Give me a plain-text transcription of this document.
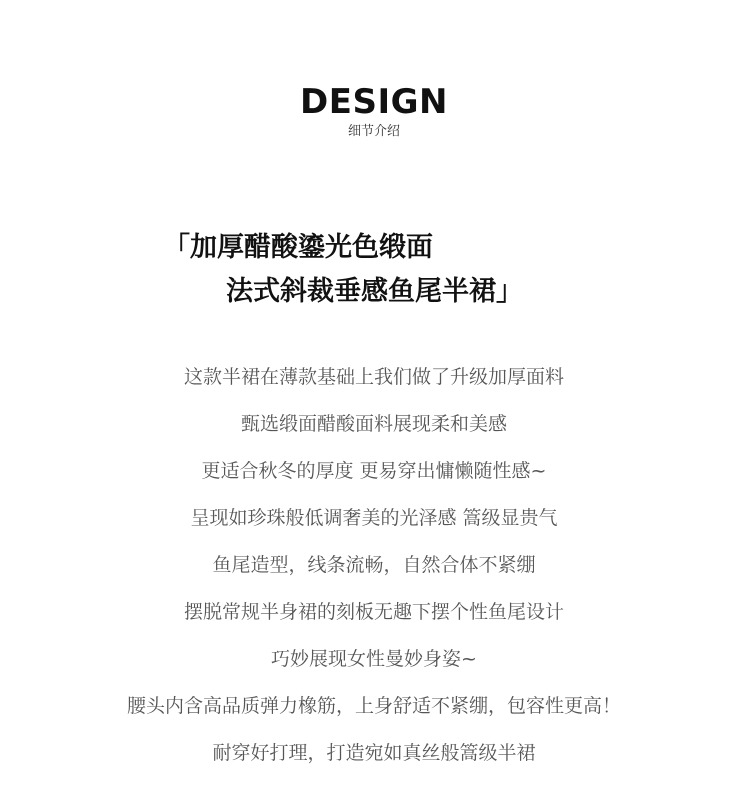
DESIGN
细节介绍
「加厚醋酸鎏光色缎面
法式斜裁垂感鱼尾半裙」
这款半裙在薄款基础上我们做了升级加厚面料
甄选缎面醋酸面料展现柔和美感
更适合秋冬的厚度 更易穿出慵懒随性感~
呈现如珍珠般低调奢美的光泽感 篙级显贵气
鱼尾造型，线条流畅，自然合体不紧绷
摆脱常规半身裙的刻板无趣下摆个性鱼尾设计
巧妙展现女性曼妙身姿~
腰头内含高品质弹力橡筋，上身舒适不紧绷，包容性更高！
耐穿好打理，打造宛如真丝般篙级半裙
